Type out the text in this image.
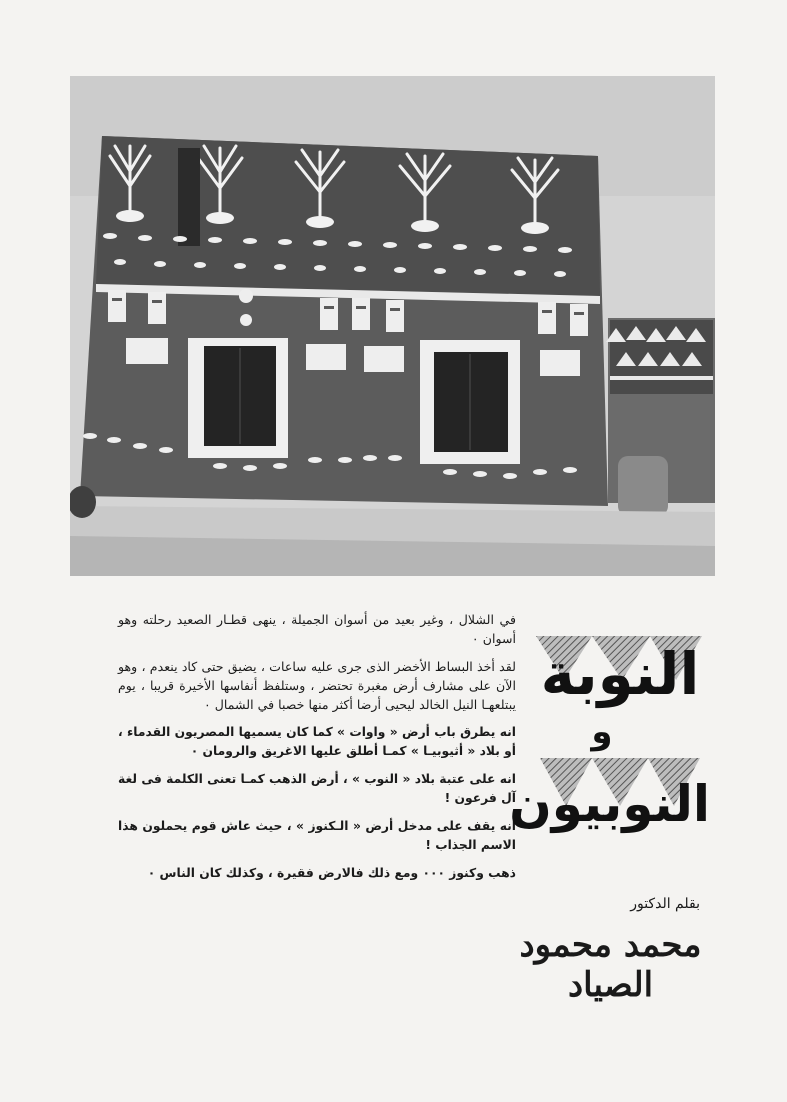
في الشلال ، وغير بعيد من أسوان الجميلة ، ينهى قطـار الصعيد رحلته وهو أسوان ٠

لقد أخذ البساط الأخضر الذى جرى عليه ساعات ، يضيق حتى كاد ينعدم ، وهو الآن على مشارف أرض مغبرة تحتضر ، وستلفظ أنفاسها الأخيرة قريبا ، يوم يبتلعهـا النيل الخالد ليحيى أرضا أكثر منها خصبا في الشمال ٠

انه يطرق باب أرض « واوات » كما كان يسميها المصريون القدماء ، أو بلاد « أثيوبيـا » كمـا أطلق عليها الاغريق والرومان ٠

انه على عتبة بلاد « النوب » ، أرض الذهب كمـا تعنى الكلمة فى لغة آل فرعون !

انه يقف على مدخل أرض « الـكنوز » ، حيث عاش قوم يحملون هذا الاسم الجذاب !

ذهب وكنوز ٠٠٠ ومع ذلك فالارض فقيرة ، وكذلك كان الناس ٠

النوبة
و
النوبيون
بقلم الدكتور
محمد محمود الصياد
